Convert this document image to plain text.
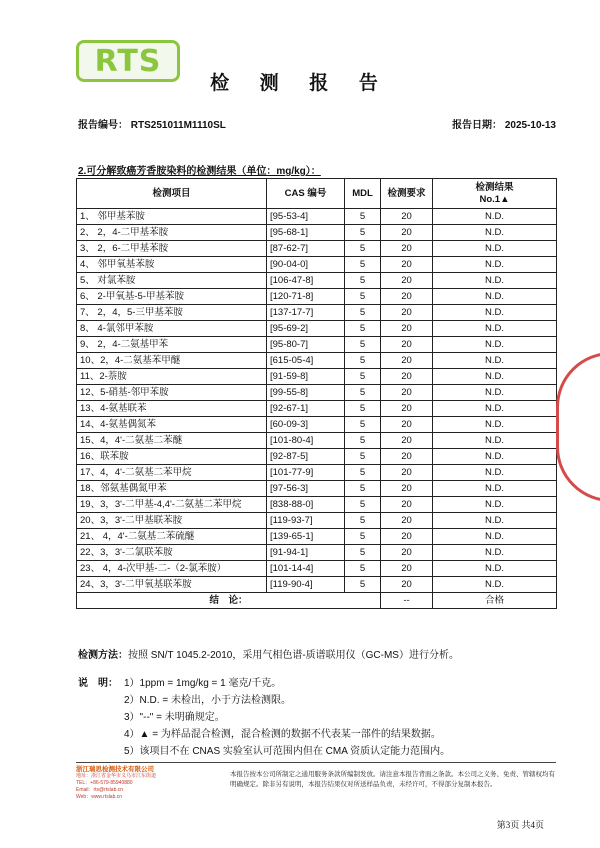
RTS
检 测 报 告
报告编号： RTS251011M1110SL	报告日期： 2025-10-13
2.可分解致癌芳香胺染料的检测结果（单位：mg/kg）：
检测项目	CAS 编号	MDL	检测要求	检测结果
No.1▲

1、 邻甲基苯胺	[95-53-4]	5	20	N.D.
2、 2，4-二甲基苯胺	[95-68-1]	5	20	N.D.
3、 2，6-二甲基苯胺	[87-62-7]	5	20	N.D.
4、 邻甲氧基苯胺	[90-04-0]	5	20	N.D.
5、 对氯苯胺	[106-47-8]	5	20	N.D.
6、 2-甲氧基-5-甲基苯胺	[120-71-8]	5	20	N.D.
7、 2，4，5-三甲基苯胺	[137-17-7]	5	20	N.D.
8、 4-氯邻甲苯胺	[95-69-2]	5	20	N.D.
9、 2，4-二氨基甲苯	[95-80-7]	5	20	N.D.
10、2，4-二氨基苯甲醚	[615-05-4]	5	20	N.D.
11、2-萘胺	[91-59-8]	5	20	N.D.
12、5-硝基-邻甲苯胺	[99-55-8]	5	20	N.D.
13、4-氨基联苯	[92-67-1]	5	20	N.D.
14、4-氨基偶氮苯	[60-09-3]	5	20	N.D.
15、4，4'-二氨基二苯醚	[101-80-4]	5	20	N.D.
16、联苯胺	[92-87-5]	5	20	N.D.
17、4，4'-二氨基二苯甲烷	[101-77-9]	5	20	N.D.
18、邻氨基偶氮甲苯	[97-56-3]	5	20	N.D.
19、3，3'-二甲基-4,4'-二氨基二苯甲烷	[838-88-0]	5	20	N.D.
20、3，3'-二甲基联苯胺	[119-93-7]	5	20	N.D.
21、 4，4'-二氨基二苯硫醚	[139-65-1]	5	20	N.D.
22、3，3'-二氯联苯胺	[91-94-1]	5	20	N.D.
23、 4，4-次甲基-二-（2-氯苯胺）	[101-14-4]	5	20	N.D.
24、3，3'-二甲氧基联苯胺	[119-90-4]	5	20	N.D.
结　论：			--	合格
检测方法：按照 SN/T 1045.2-2010，采用气相色谱-质谱联用仪（GC-MS）进行分析。
说　明： 1）1ppm = 1mg/kg = 1 毫克/千克。
2）N.D. = 未检出，小于方法检测限。
3）"--" = 未明确规定。
4）▲ = 为样品混合检测，混合检测的数据不代表某一部件的结果数据。
5）该项目不在 CNAS 实验室认可范围内但在 CMA 资质认定能力范围内。
浙江瑞思检测技术有限公司
地址：浙江省金华市义乌市江东街道
TEL：+86-579-85940880
Email：rts@rtslab.cn
Web：www.rtslab.cn
本报告按本公司所制定之通用服务条款所编制发放。请注意本报告背面之条款。本公司之义务、免责、管辖权均有明确规定。除非另有说明，本报告结果仅对所送样品负责，未经许可，不得部分复制本报告。
第3页 共4页
